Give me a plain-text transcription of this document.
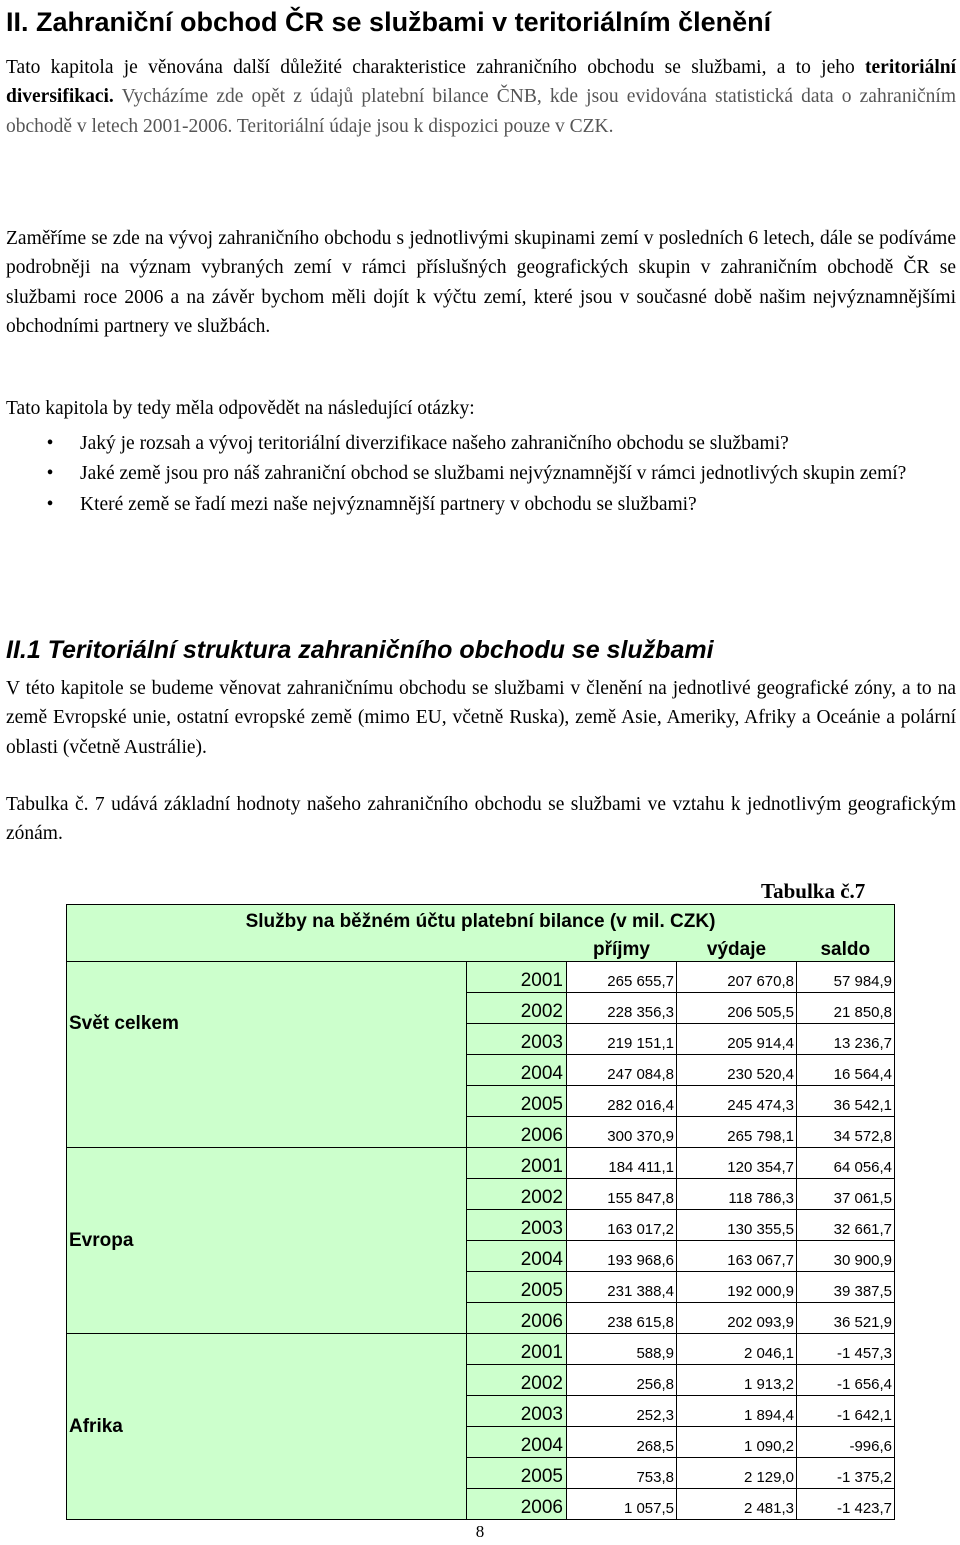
II. Zahraniční obchod ČR se službami v teritoriálním členění

Tato kapitola je věnována další důležité charakteristice zahraničního obchodu se službami, a to jeho teritoriální diversifikaci. Vycházíme zde opět z údajů platební bilance ČNB, kde jsou evidována statistická data o zahraničním obchodě v letech 2001-2006. Teritoriální údaje jsou k dispozici pouze v CZK.

Zaměříme se zde na vývoj zahraničního obchodu s jednotlivými skupinami zemí v posledních 6 letech, dále se podíváme podrobněji na význam vybraných zemí v rámci příslušných geografických skupin v zahraničním obchodě ČR se službami roce 2006 a na závěr bychom měli dojít k výčtu zemí, které jsou v současné době našim nejvýznamnějšími obchodními partnery ve službách.

Tato kapitola by tedy měla odpovědět na následující otázky:

•	Jaký je rozsah a vývoj teritoriální diverzifikace našeho zahraničního obchodu se službami?
•	Jaké země jsou pro náš zahraniční obchod se službami nejvýznamnější v rámci jednotlivých skupin zemí?
•	Které země se řadí mezi naše nejvýznamnější partnery v obchodu se službami?
II.1 Teritoriální struktura zahraničního obchodu se službami

V této kapitole se budeme věnovat zahraničnímu obchodu se službami v členění na jednotlivé geografické zóny, a to na země Evropské unie, ostatní evropské země (mimo EU, včetně Ruska), země Asie, Ameriky, Afriky a Oceánie a polární oblasti (včetně Austrálie).

Tabulka č. 7 udává základní hodnoty našeho zahraničního obchodu se službami ve vztahu k jednotlivým geografickým zónám.

Tabulka č.7

Služby na běžném účtu platební bilance (v mil. CZK)				
		příjmy	výdaje	saldo
Svět celkem	2001	265 655,7	207 670,8	57 984,9
	2002	228 356,3	206 505,5	21 850,8
	2003	219 151,1	205 914,4	13 236,7
	2004	247 084,8	230 520,4	16 564,4
	2005	282 016,4	245 474,3	36 542,1
	2006	300 370,9	265 798,1	34 572,8
Evropa	2001	184 411,1	120 354,7	64 056,4
	2002	155 847,8	118 786,3	37 061,5
	2003	163 017,2	130 355,5	32 661,7
	2004	193 968,6	163 067,7	30 900,9
	2005	231 388,4	192 000,9	39 387,5
	2006	238 615,8	202 093,9	36 521,9
Afrika	2001	588,9	2 046,1	-1 457,3
	2002	256,8	1 913,2	-1 656,4
	2003	252,3	1 894,4	-1 642,1
	2004	268,5	1 090,2	-996,6
	2005	753,8	2 129,0	-1 375,2
	2006	1 057,5	2 481,3	-1 423,7

8
